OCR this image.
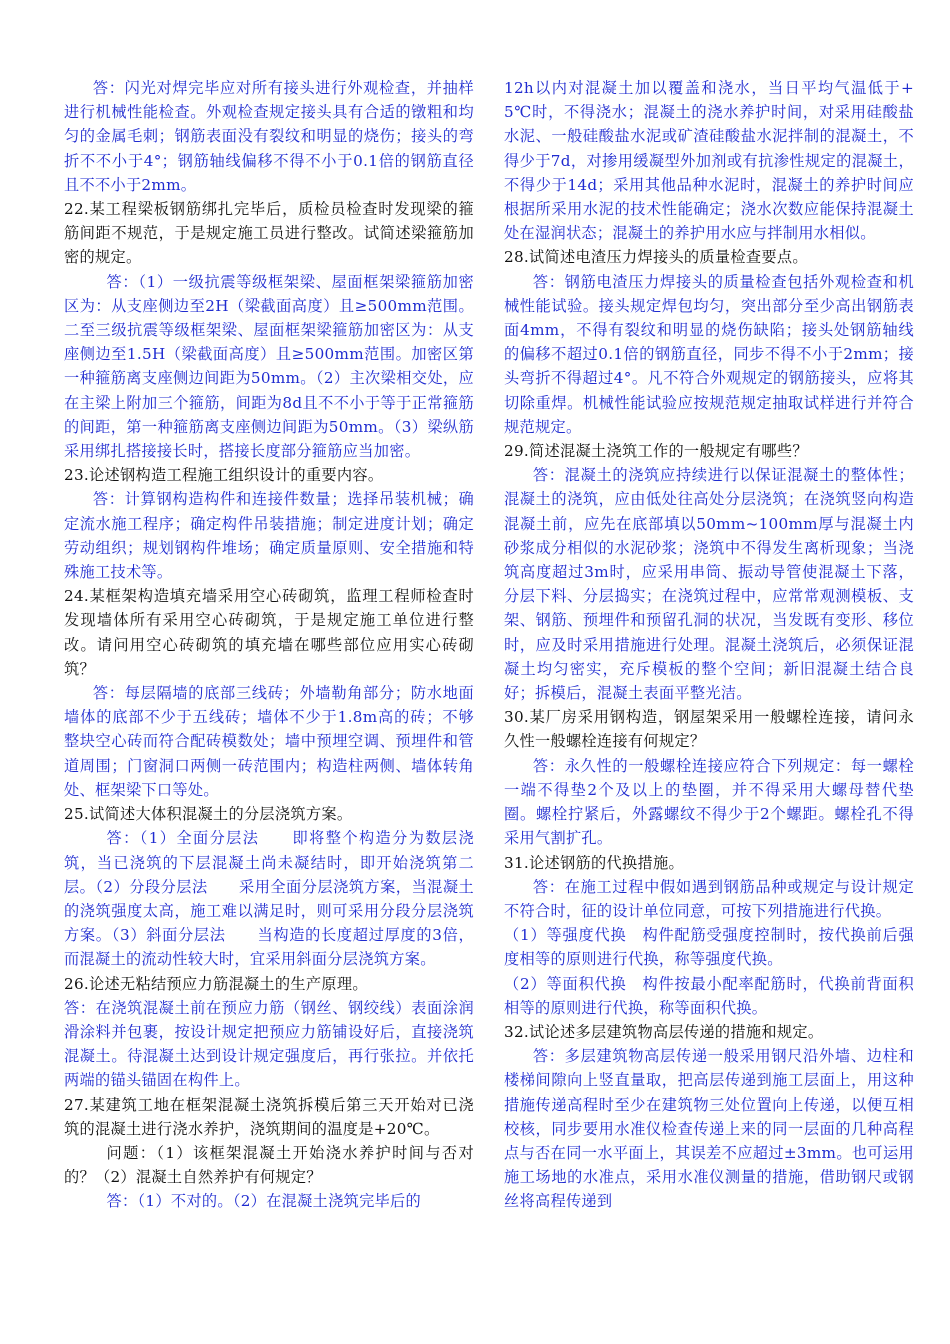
答：闪光对焊完毕应对所有接头进行外观检查，并抽样进行机械性能检查。外观检查规定接头具有合适的镦粗和均匀的金属毛刺；钢筋表面没有裂纹和明显的烧伤；接头的弯折不不小于4°；钢筋轴线偏移不得不小于0.1倍的钢筋直径且不不小于2mm。

22.某工程梁板钢筋绑扎完毕后，质检员检查时发现梁的箍筋间距不规范，于是规定施工员进行整改。试简述梁箍筋加密的规定。

答：（1）一级抗震等级框架梁、屋面框架梁箍筋加密区为：从支座侧边至2H（梁截面高度）且≥500mm范围。二至三级抗震等级框架梁、屋面框架梁箍筋加密区为：从支座侧边至1.5H（梁截面高度）且≥500mm范围。加密区第一种箍筋离支座侧边间距为50mm。（2）主次梁相交处，应在主梁上附加三个箍筋，间距为8d且不不小于等于正常箍筋的间距，第一种箍筋离支座侧边间距为50mm。（3）梁纵筋采用绑扎搭接接长时，搭接长度部分箍筋应当加密。

23.论述钢构造工程施工组织设计的重要内容。

答：计算钢构造构件和连接件数量；选择吊装机械；确定流水施工程序；确定构件吊装措施；制定进度计划；确定劳动组织；规划钢构件堆场；确定质量原则、安全措施和特殊施工技术等。

24.某框架构造填充墙采用空心砖砌筑，监理工程师检查时发现墙体所有采用空心砖砌筑，于是规定施工单位进行整改。请问用空心砖砌筑的填充墙在哪些部位应用实心砖砌筑？

答：每层隔墙的底部三线砖；外墙勒角部分；防水地面墙体的底部不少于五线砖；墙体不少于1.8m高的砖；不够整块空心砖而符合配砖模数处；墙中预埋空调、预埋件和管道周围；门窗洞口两侧一砖范围内；构造柱两侧、墙体转角处、框架梁下口等处。

25.试简述大体积混凝土的分层浇筑方案。

答：（1）全面分层法　　即将整个构造分为数层浇筑，当已浇筑的下层混凝土尚未凝结时，即开始浇筑第二层。（2）分段分层法　　采用全面分层浇筑方案，当混凝土的浇筑强度太高，施工难以满足时，则可采用分段分层浇筑方案。（3）斜面分层法　　当构造的长度超过厚度的3倍，而混凝土的流动性较大时，宜采用斜面分层浇筑方案。

26.论述无粘结预应力筋混凝土的生产原理。

答：在浇筑混凝土前在预应力筋（钢丝、钢绞线）表面涂润滑涂料并包裹，按设计规定把预应力筋铺设好后，直接浇筑混凝土。待混凝土达到设计规定强度后，再行张拉。并依托两端的锚头锚固在构件上。

27.某建筑工地在框架混凝土浇筑拆模后第三天开始对已浇筑的混凝土进行浇水养护，浇筑期间的温度是+20℃。

问题：（1）该框架混凝土开始浇水养护时间与否对的？（2）混凝土自然养护有何规定？

答：（1）不对的。（2）在混凝土浇筑完毕后的

12h以内对混凝土加以覆盖和浇水，当日平均气温低于+5℃时，不得浇水；混凝土的浇水养护时间，对采用硅酸盐水泥、一般硅酸盐水泥或矿渣硅酸盐水泥拌制的混凝土，不得少于7d，对掺用缓凝型外加剂或有抗渗性规定的混凝土，不得少于14d；采用其他品种水泥时，混凝土的养护时间应根据所采用水泥的技术性能确定；浇水次数应能保持混凝土处在湿润状态；混凝土的养护用水应与拌制用水相似。

28.试简述电渣压力焊接头的质量检查要点。

答：钢筋电渣压力焊接头的质量检查包括外观检查和机械性能试验。接头规定焊包均匀，突出部分至少高出钢筋表面4mm，不得有裂纹和明显的烧伤缺陷；接头处钢筋轴线的偏移不超过0.1倍的钢筋直径，同步不得不小于2mm；接头弯折不得超过4°。凡不符合外观规定的钢筋接头，应将其切除重焊。机械性能试验应按规范规定抽取试样进行并符合规范规定。

29.简述混凝土浇筑工作的一般规定有哪些？

答：混凝土的浇筑应持续进行以保证混凝土的整体性；混凝土的浇筑，应由低处往高处分层浇筑；在浇筑竖向构造混凝土前，应先在底部填以50mm~100mm厚与混凝土内砂浆成分相似的水泥砂浆；浇筑中不得发生离析现象；当浇筑高度超过3m时，应采用串筒、振动导管使混凝土下落，分层下料、分层捣实；在浇筑过程中，应常常观测模板、支架、钢筋、预埋件和预留孔洞的状况，当发既有变形、移位时，应及时采用措施进行处理。混凝土浇筑后，必须保证混凝土均匀密实，充斥模板的整个空间；新旧混凝土结合良好；拆模后，混凝土表面平整光洁。

30.某厂房采用钢构造，钢屋架采用一般螺栓连接，请问永久性一般螺栓连接有何规定？

答：永久性的一般螺栓连接应符合下列规定：每一螺栓一端不得垫2个及以上的垫圈，并不得采用大螺母替代垫圈。螺栓拧紧后，外露螺纹不得少于2个螺距。螺栓孔不得采用气割扩孔。

31.论述钢筋的代换措施。

答：在施工过程中假如遇到钢筋品种或规定与设计规定不符合时，征的设计单位同意，可按下列措施进行代换。

（1）等强度代换　构件配筋受强度控制时，按代换前后强度相等的原则进行代换，称等强度代换。

（2）等面积代换　构件按最小配率配筋时，代换前背面积相等的原则进行代换，称等面积代换。

32.试论述多层建筑物高层传递的措施和规定。

答：多层建筑物高层传递一般采用钢尺沿外墙、边柱和楼梯间隙向上竖直量取，把高层传递到施工层面上，用这种措施传递高程时至少在建筑物三处位置向上传递，以便互相校核，同步要用水准仪检查传递上来的同一层面的几种高程点与否在同一水平面上，其误差不应超过±3mm。也可运用施工场地的水准点，采用水准仪测量的措施，借助钢尺或钢丝将高程传递到
